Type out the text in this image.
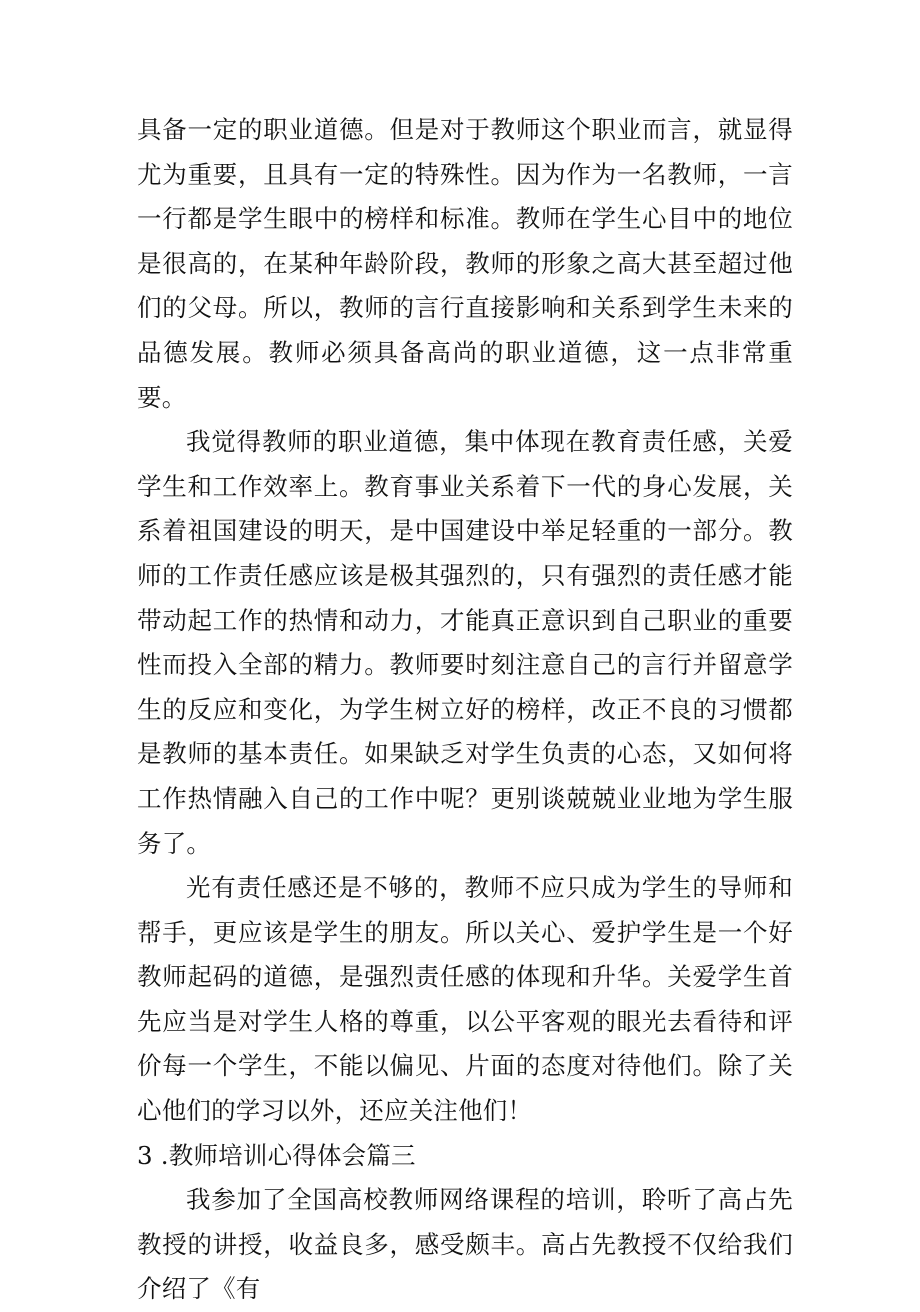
具备一定的职业道德。但是对于教师这个职业而言，就显得尤为重要，且具有一定的特殊性。因为作为一名教师，一言一行都是学生眼中的榜样和标准。教师在学生心目中的地位是很高的，在某种年龄阶段，教师的形象之高大甚至超过他们的父母。所以，教师的言行直接影响和关系到学生未来的品德发展。教师必须具备高尚的职业道德，这一点非常重要。

我觉得教师的职业道德，集中体现在教育责任感，关爱学生和工作效率上。教育事业关系着下一代的身心发展，关系着祖国建设的明天，是中国建设中举足轻重的一部分。教师的工作责任感应该是极其强烈的，只有强烈的责任感才能带动起工作的热情和动力，才能真正意识到自己职业的重要性而投入全部的精力。教师要时刻注意自己的言行并留意学生的反应和变化，为学生树立好的榜样，改正不良的习惯都是教师的基本责任。如果缺乏对学生负责的心态，又如何将工作热情融入自己的工作中呢？更别谈兢兢业业地为学生服务了。

光有责任感还是不够的，教师不应只成为学生的导师和帮手，更应该是学生的朋友。所以关心、爱护学生是一个好教师起码的道德，是强烈责任感的体现和升华。关爱学生首先应当是对学生人格的尊重，以公平客观的眼光去看待和评价每一个学生，不能以偏见、片面的态度对待他们。除了关心他们的学习以外，还应关注他们！

3 .教师培训心得体会篇三

我参加了全国高校教师网络课程的培训，聆听了高占先教授的讲授，收益良多，感受颇丰。高占先教授不仅给我们介绍了《有
